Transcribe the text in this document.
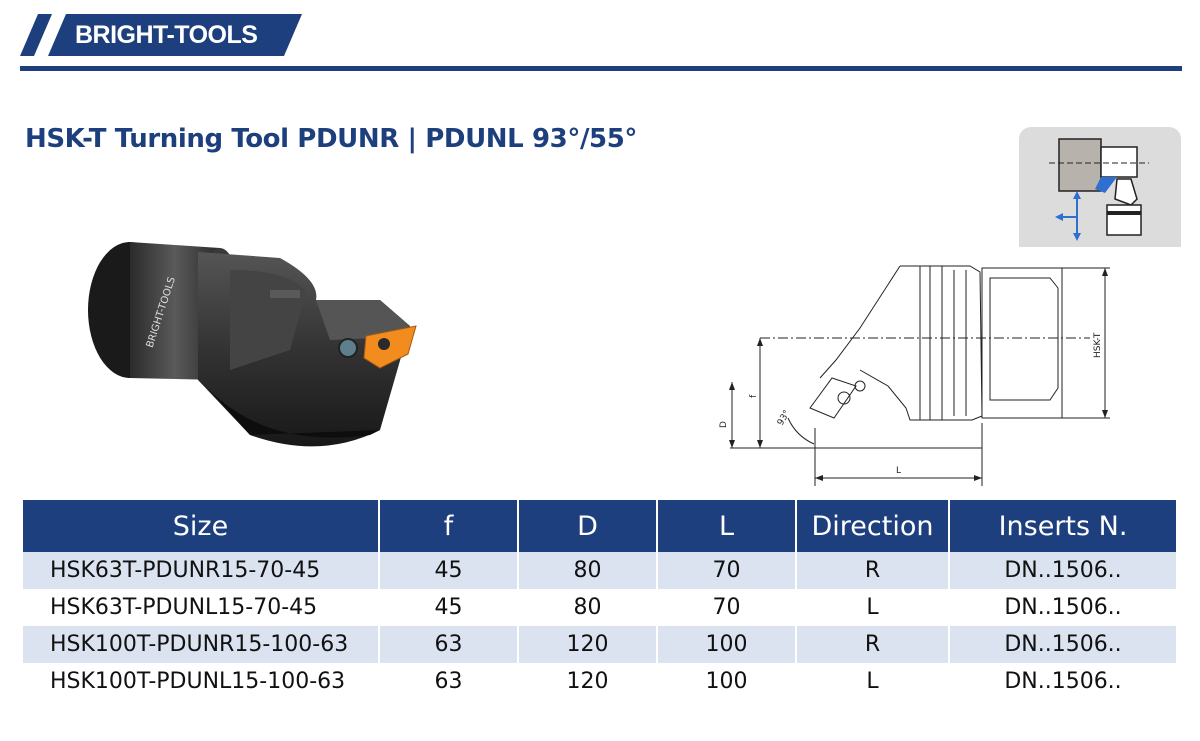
BRIGHT-TOOLS
HSK-T Turning Tool PDUNR | PDUNL 93°/55°
BRIGHT-TOOLS
L
f
D	93°
HSK-T
Size	f	D	L	Direction	Inserts N.
HSK63T-PDUNR15-70-45	45	80	70	R	DN..1506..
HSK63T-PDUNL15-70-45	45	80	70	L	DN..1506..
HSK100T-PDUNR15-100-63	63	120	100	R	DN..1506..
HSK100T-PDUNL15-100-63	63	120	100	L	DN..1506..
